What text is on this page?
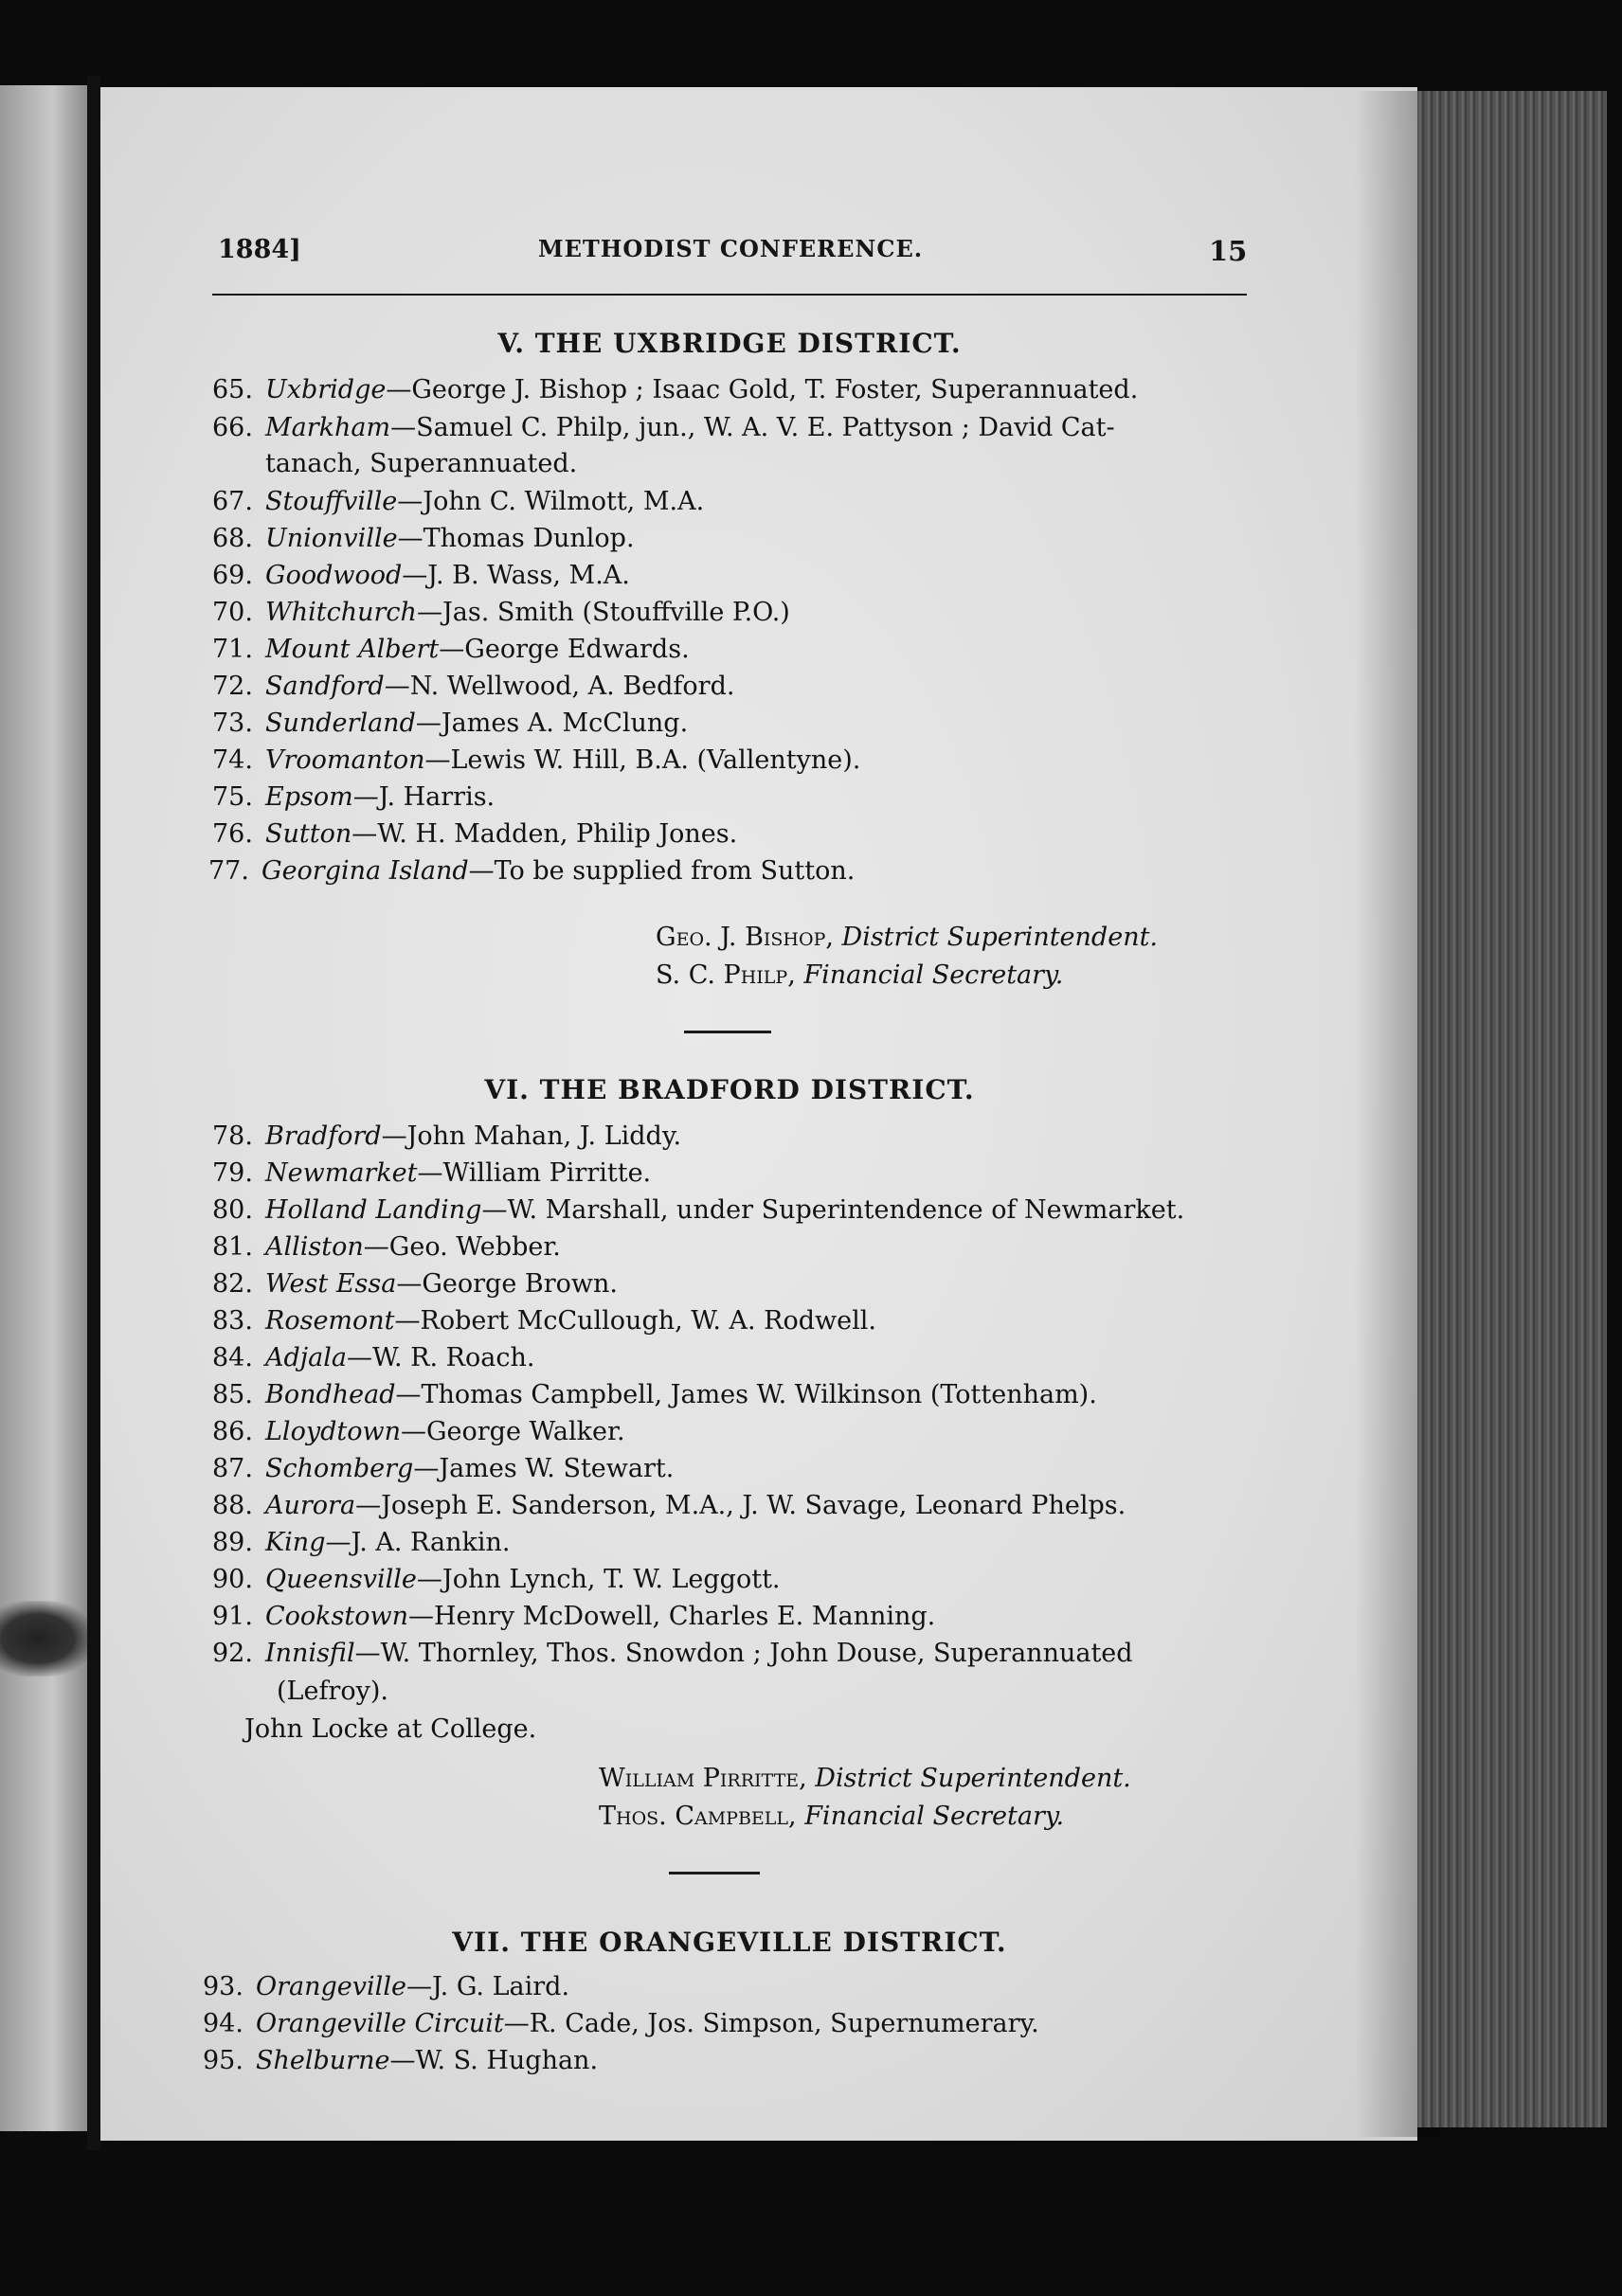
1884]	METHODIST CONFERENCE.	15
V. THE UXBRIDGE DISTRICT.
65. Uxbridge—George J. Bishop ; Isaac Gold, T. Foster, Superannuated.
66. Markham—Samuel C. Philp, jun., W. A. V. E. Pattyson ; David Cat-
tanach, Superannuated.
67. Stouffville—John C. Wilmott, M.A.
68. Unionville—Thomas Dunlop.
69. Goodwood—J. B. Wass, M.A.
70. Whitchurch—Jas. Smith (Stouffville P.O.)
71. Mount Albert—George Edwards.
72. Sandford—N. Wellwood, A. Bedford.
73. Sunderland—James A. McClung.
74. Vroomanton—Lewis W. Hill, B.A. (Vallentyne).
75. Epsom—J. Harris.
76. Sutton—W. H. Madden, Philip Jones.
77. Georgina Island—To be supplied from Sutton.
Geo. J. Bishop, District Superintendent.
S. C. Philp, Financial Secretary.
VI. THE BRADFORD DISTRICT.
78. Bradford—John Mahan, J. Liddy.
79. Newmarket—William Pirritte.
80. Holland Landing—W. Marshall, under Superintendence of Newmarket.
81. Alliston—Geo. Webber.
82. West Essa—George Brown.
83. Rosemont—Robert McCullough, W. A. Rodwell.
84. Adjala—W. R. Roach.
85. Bondhead—Thomas Campbell, James W. Wilkinson (Tottenham).
86. Lloydtown—George Walker.
87. Schomberg—James W. Stewart.
88. Aurora—Joseph E. Sanderson, M.A., J. W. Savage, Leonard Phelps.
89. King—J. A. Rankin.
90. Queensville—John Lynch, T. W. Leggott.
91. Cookstown—Henry McDowell, Charles E. Manning.
92. Innisfil—W. Thornley, Thos. Snowdon ; John Douse, Superannuated
(Lefroy).
John Locke at College.
William Pirritte, District Superintendent.
Thos. Campbell, Financial Secretary.
VII. THE ORANGEVILLE DISTRICT.
93. Orangeville—J. G. Laird.
94. Orangeville Circuit—R. Cade, Jos. Simpson, Supernumerary.
95. Shelburne—W. S. Hughan.
